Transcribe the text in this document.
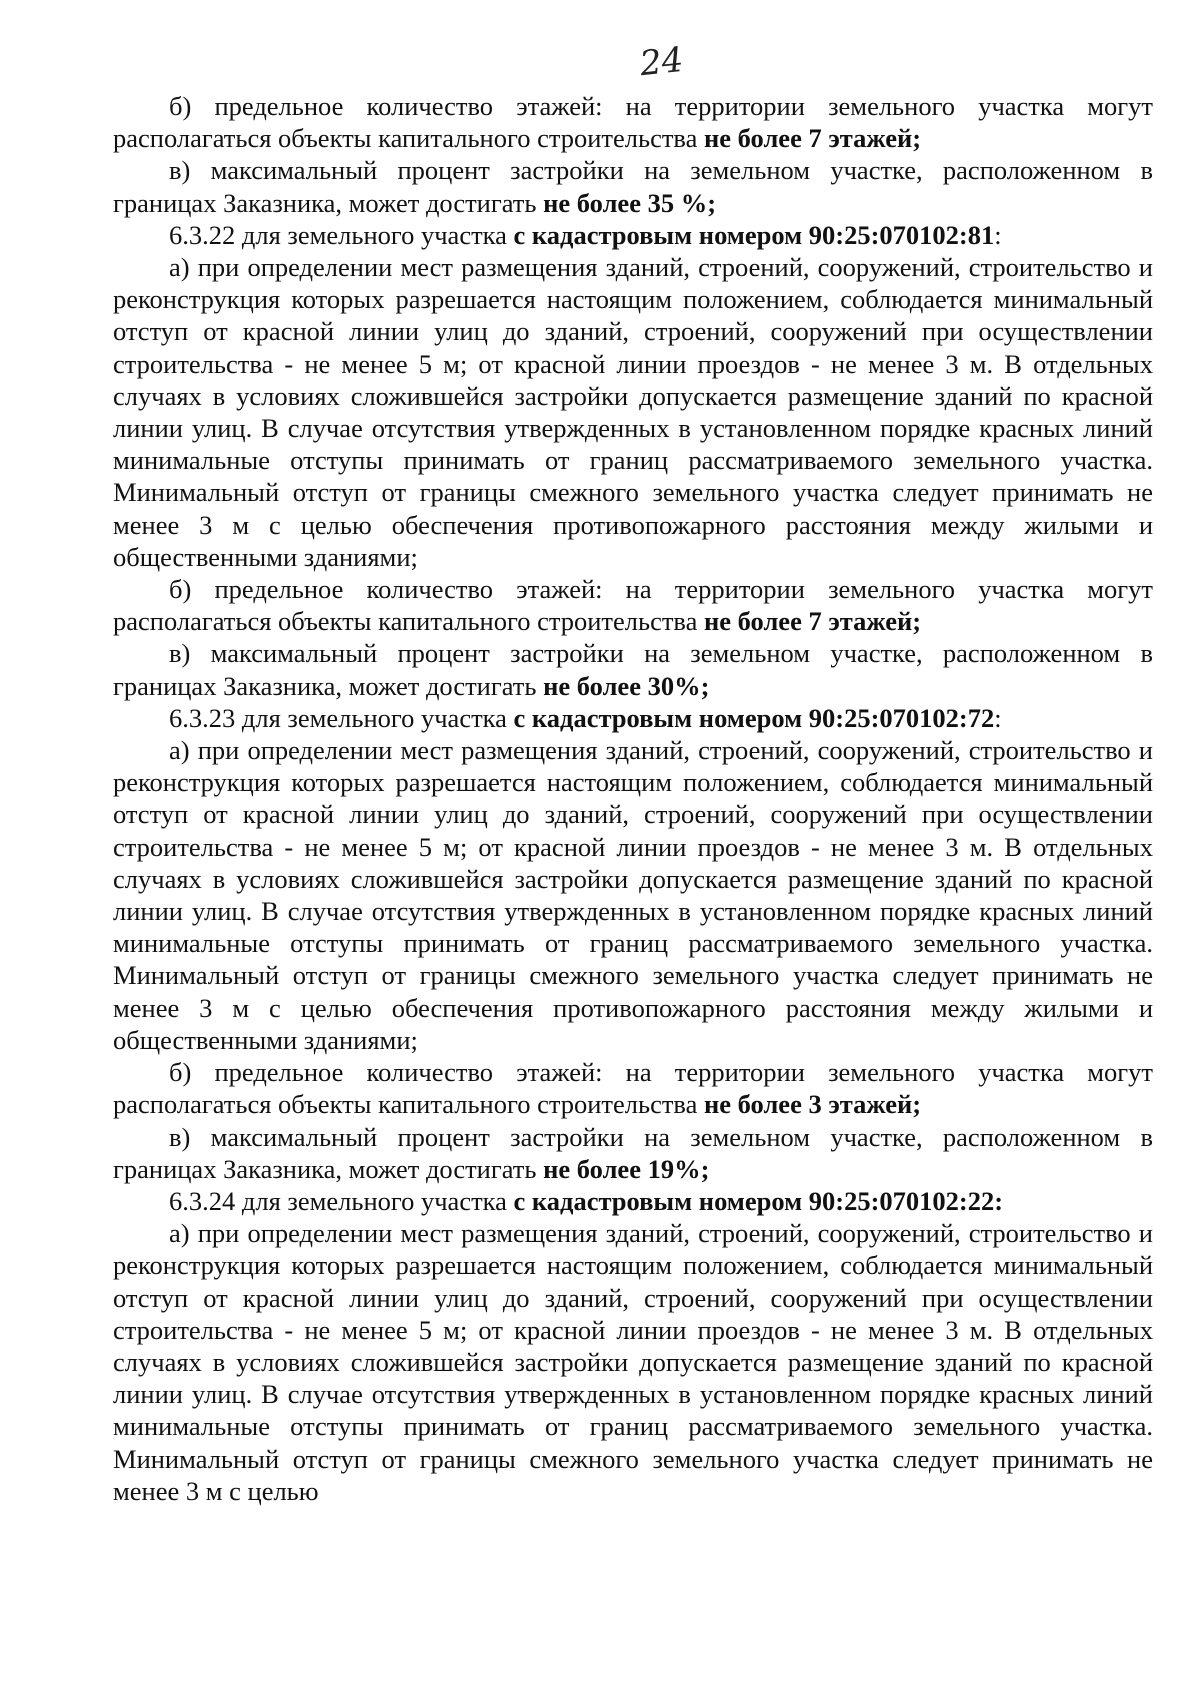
24

б) предельное количество этажей: на территории земельного участка могут располагаться объекты капитального строительства не более 7 этажей;

в) максимальный процент застройки на земельном участке, расположенном в границах Заказника, может достигать не более 35 %;

6.3.22 для земельного участка с кадастровым номером 90:25:070102:81:

а) при определении мест размещения зданий, строений, сооружений, строительство и реконструкция которых разрешается настоящим положением, соблюдается минимальный отступ от красной линии улиц до зданий, строений, сооружений при осуществлении строительства - не менее 5 м; от красной линии проездов - не менее 3 м. В отдельных случаях в условиях сложившейся застройки допускается размещение зданий по красной линии улиц. В случае отсутствия утвержденных в установленном порядке красных линий минимальные отступы принимать от границ рассматриваемого земельного участка. Минимальный отступ от границы смежного земельного участка следует принимать не менее 3 м с целью обеспечения противопожарного расстояния между жилыми и общественными зданиями;

б) предельное количество этажей: на территории земельного участка могут располагаться объекты капитального строительства не более 7 этажей;

в) максимальный процент застройки на земельном участке, расположенном в границах Заказника, может достигать не более 30%;

6.3.23 для земельного участка с кадастровым номером 90:25:070102:72:

а) при определении мест размещения зданий, строений, сооружений, строительство и реконструкция которых разрешается настоящим положением, соблюдается минимальный отступ от красной линии улиц до зданий, строений, сооружений при осуществлении строительства - не менее 5 м; от красной линии проездов - не менее 3 м. В отдельных случаях в условиях сложившейся застройки допускается размещение зданий по красной линии улиц. В случае отсутствия утвержденных в установленном порядке красных линий минимальные отступы принимать от границ рассматриваемого земельного участка. Минимальный отступ от границы смежного земельного участка следует принимать не менее 3 м с целью обеспечения противопожарного расстояния между жилыми и общественными зданиями;

б) предельное количество этажей: на территории земельного участка могут располагаться объекты капитального строительства не более 3 этажей;

в) максимальный процент застройки на земельном участке, расположенном в границах Заказника, может достигать не более 19%;

6.3.24 для земельного участка с кадастровым номером 90:25:070102:22:

а) при определении мест размещения зданий, строений, сооружений, строительство и реконструкция которых разрешается настоящим положением, соблюдается минимальный отступ от красной линии улиц до зданий, строений, сооружений при осуществлении строительства - не менее 5 м; от красной линии проездов - не менее 3 м. В отдельных случаях в условиях сложившейся застройки допускается размещение зданий по красной линии улиц. В случае отсутствия утвержденных в установленном порядке красных линий минимальные отступы принимать от границ рассматриваемого земельного участка. Минимальный отступ от границы смежного земельного участка следует принимать не менее 3 м с целью
